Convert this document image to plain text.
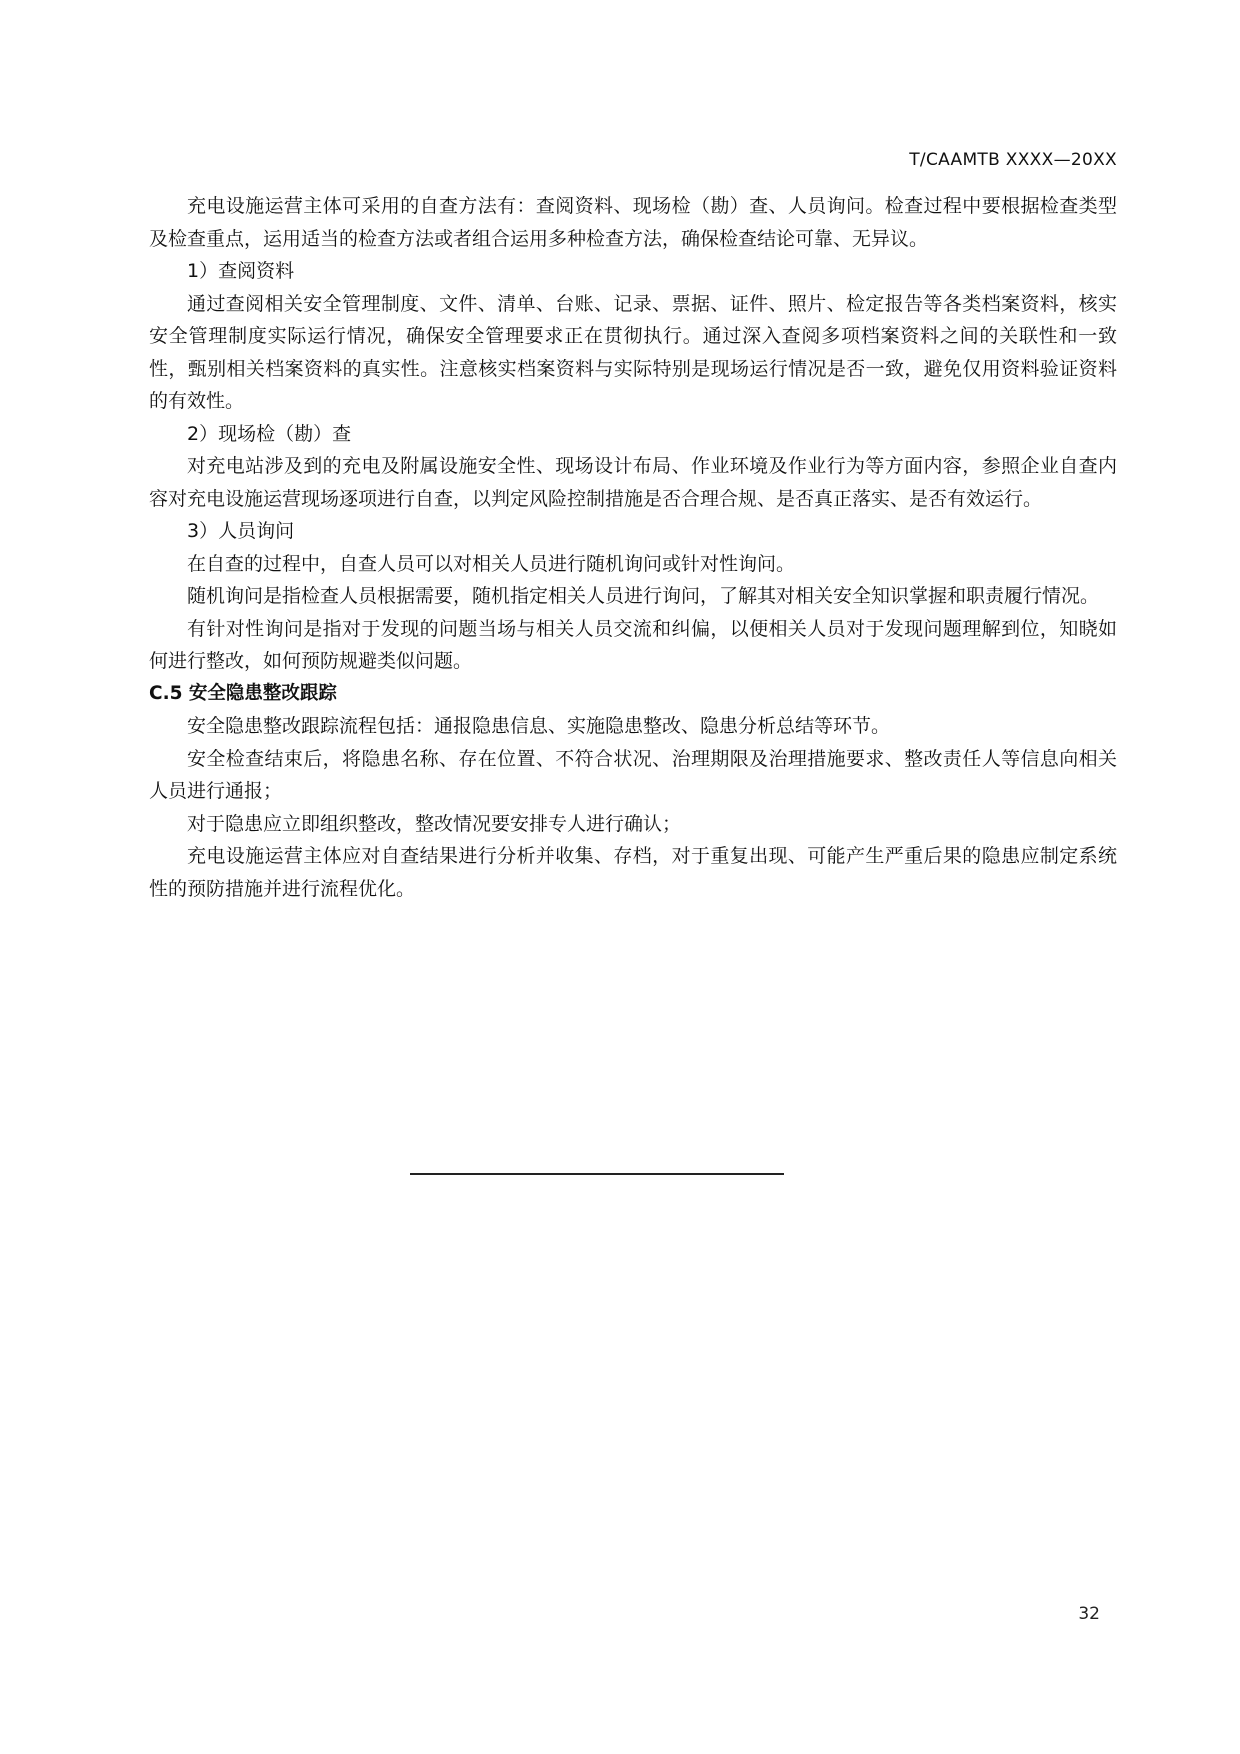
T/CAAMTB XXXX—20XX

充电设施运营主体可采用的自查方法有：查阅资料、现场检（勘）查、人员询问。检查过程中要根据检查类型及检查重点，运用适当的检查方法或者组合运用多种检查方法，确保检查结论可靠、无异议。

1）查阅资料

通过查阅相关安全管理制度、文件、清单、台账、记录、票据、证件、照片、检定报告等各类档案资料，核实安全管理制度实际运行情况，确保安全管理要求正在贯彻执行。通过深入查阅多项档案资料之间的关联性和一致性，甄别相关档案资料的真实性。注意核实档案资料与实际特别是现场运行情况是否一致，避免仅用资料验证资料的有效性。

2）现场检（勘）查

对充电站涉及到的充电及附属设施安全性、现场设计布局、作业环境及作业行为等方面内容，参照企业自查内容对充电设施运营现场逐项进行自查，以判定风险控制措施是否合理合规、是否真正落实、是否有效运行。

3）人员询问

在自查的过程中，自查人员可以对相关人员进行随机询问或针对性询问。

随机询问是指检查人员根据需要，随机指定相关人员进行询问，了解其对相关安全知识掌握和职责履行情况。

有针对性询问是指对于发现的问题当场与相关人员交流和纠偏，以便相关人员对于发现问题理解到位，知晓如何进行整改，如何预防规避类似问题。

C.5 安全隐患整改跟踪

安全隐患整改跟踪流程包括：通报隐患信息、实施隐患整改、隐患分析总结等环节。

安全检查结束后，将隐患名称、存在位置、不符合状况、治理期限及治理措施要求、整改责任人等信息向相关人员进行通报；

对于隐患应立即组织整改，整改情况要安排专人进行确认；

充电设施运营主体应对自查结果进行分析并收集、存档，对于重复出现、可能产生严重后果的隐患应制定系统性的预防措施并进行流程优化。

32
